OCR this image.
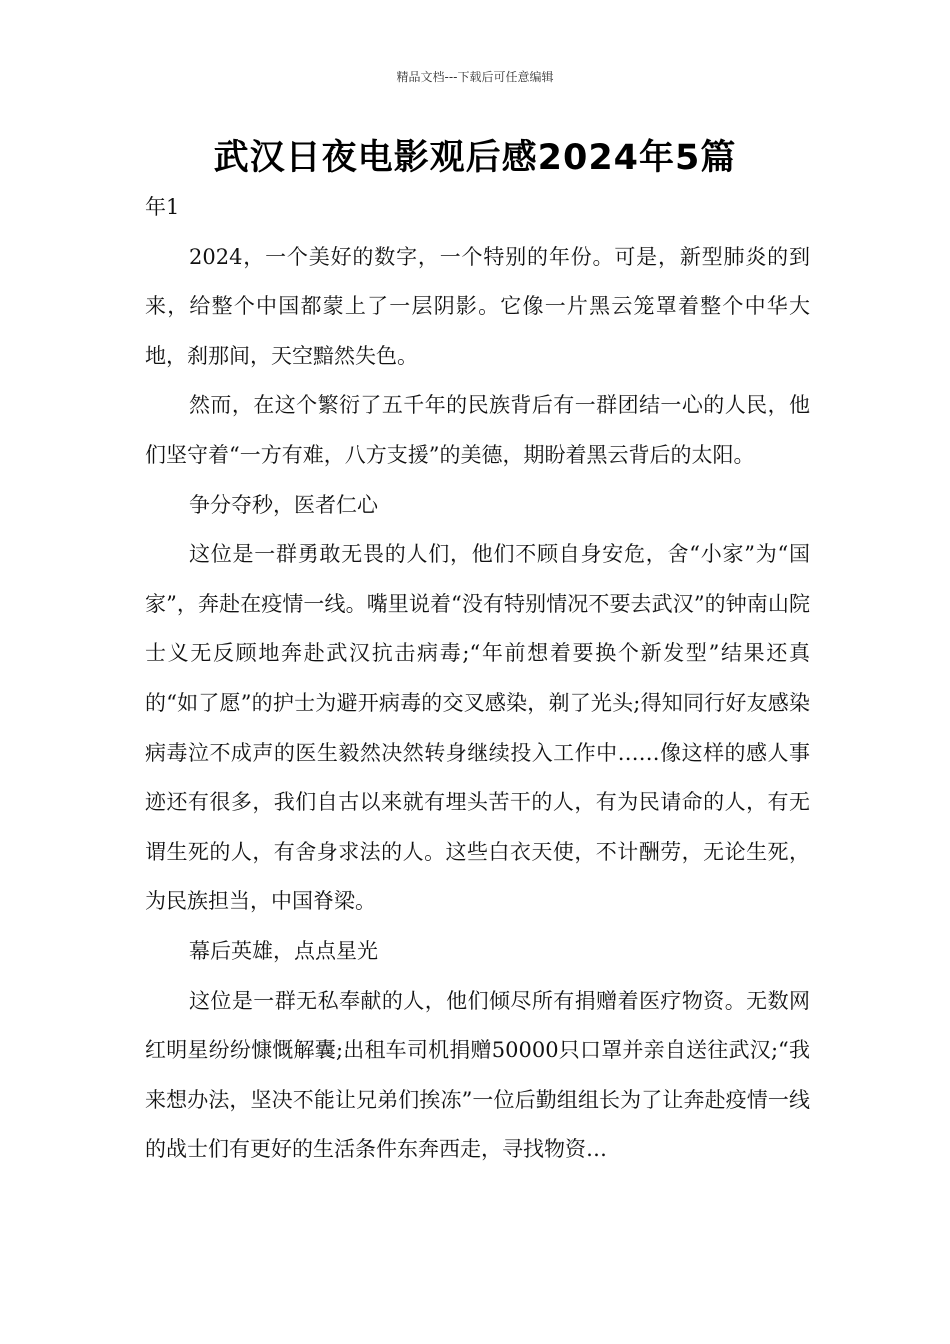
精品文档---下载后可任意编辑
武汉日夜电影观后感2024年5篇

年1

2024，一个美好的数字，一个特别的年份。可是，新型肺炎的到来，给整个中国都蒙上了一层阴影。它像一片黑云笼罩着整个中华大地，刹那间，天空黯然失色。

然而，在这个繁衍了五千年的民族背后有一群团结一心的人民，他们坚守着“一方有难，八方支援”的美德，期盼着黑云背后的太阳。

争分夺秒，医者仁心

这位是一群勇敢无畏的人们，他们不顾自身安危，舍“小家”为“国家”，奔赴在疫情一线。嘴里说着“没有特别情况不要去武汉”的钟南山院士义无反顾地奔赴武汉抗击病毒;“年前想着要换个新发型”结果还真的“如了愿”的护士为避开病毒的交叉感染，剃了光头;得知同行好友感染病毒泣不成声的医生毅然决然转身继续投入工作中……像这样的感人事迹还有很多，我们自古以来就有埋头苦干的人，有为民请命的人，有无谓生死的人，有舍身求法的人。这些白衣天使，不计酬劳，无论生死，为民族担当，中国脊梁。

幕后英雄，点点星光

这位是一群无私奉献的人，他们倾尽所有捐赠着医疗物资。无数网红明星纷纷慷慨解囊;出租车司机捐赠50000只口罩并亲自送往武汉;“我来想办法，坚决不能让兄弟们挨冻”一位后勤组组长为了让奔赴疫情一线的战士们有更好的生活条件东奔西走，寻找物资…
